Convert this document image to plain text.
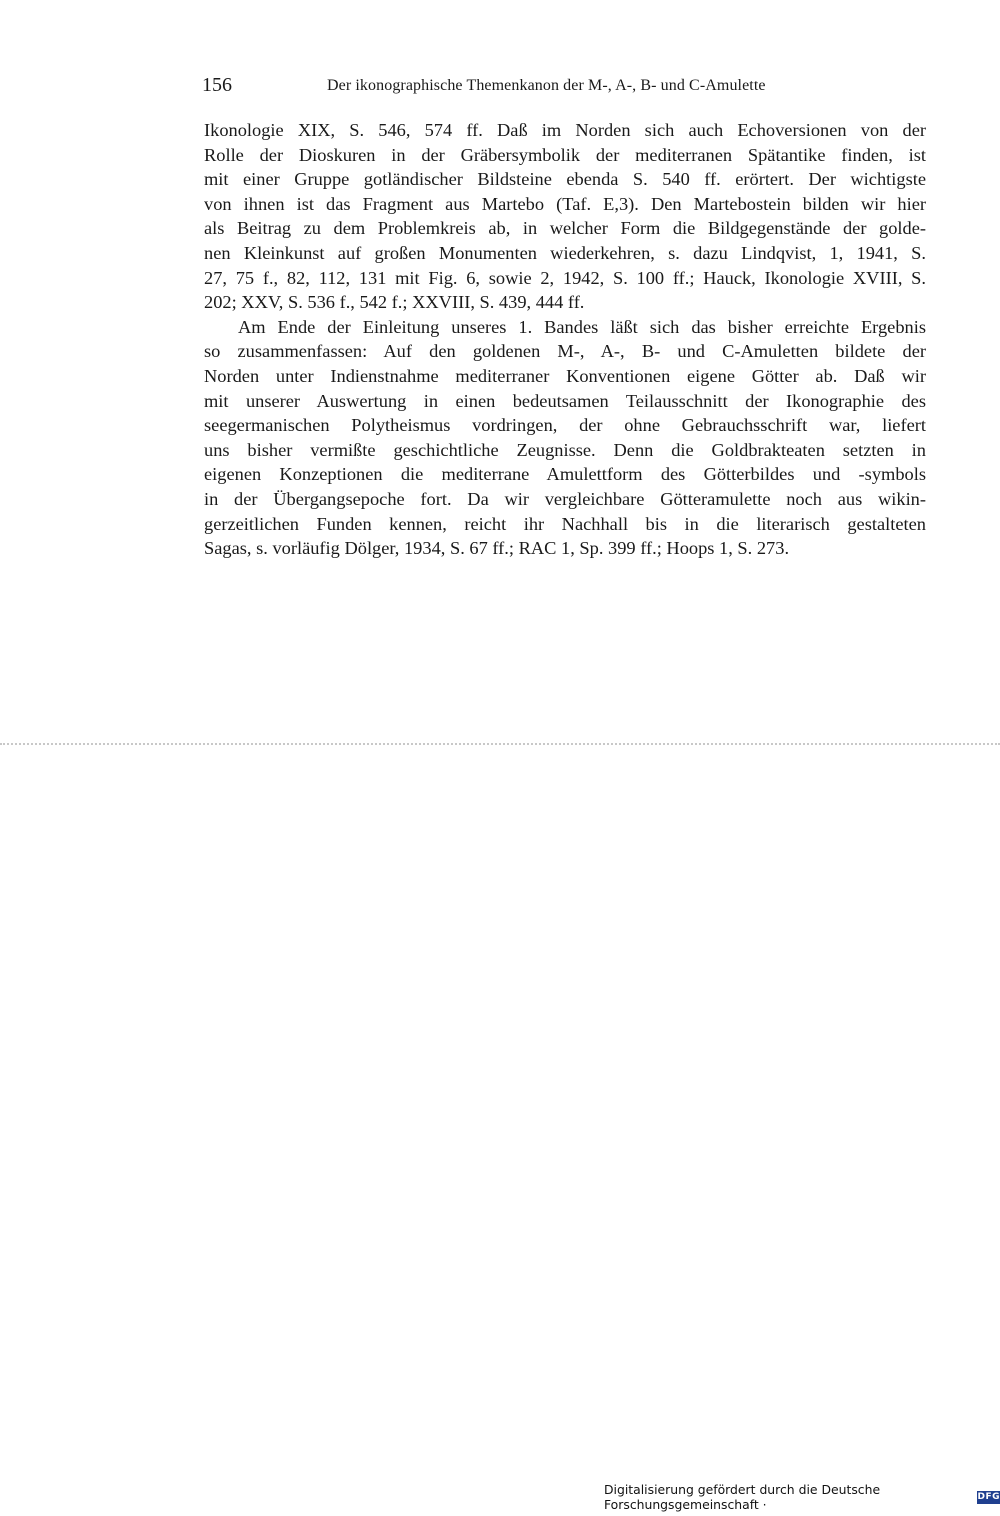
156	Der ikonographische Themenkanon der M-, A-, B- und C-Amulette
Ikonologie XIX, S. 546, 574 ff. Daß im Norden sich auch Echoversionen von der
Rolle der Dioskuren in der Gräbersymbolik der mediterranen Spätantike finden, ist
mit einer Gruppe gotländischer Bildsteine ebenda S. 540 ff. erörtert. Der wichtigste
von ihnen ist das Fragment aus Martebo (Taf. E,3). Den Martebostein bilden wir hier
als Beitrag zu dem Problemkreis ab, in welcher Form die Bildgegenstände der golde-
nen Kleinkunst auf großen Monumenten wiederkehren, s. dazu Lindqvist, 1, 1941, S.
27, 75 f., 82, 112, 131 mit Fig. 6, sowie 2, 1942, S. 100 ff.; Hauck, Ikonologie XVIII, S.
202; XXV, S. 536 f., 542 f.; XXVIII, S. 439, 444 ff.
Am Ende der Einleitung unseres 1. Bandes läßt sich das bisher erreichte Ergebnis
so zusammenfassen: Auf den goldenen M-, A-, B- und C-Amuletten bildete der
Norden unter Indienstnahme mediterraner Konventionen eigene Götter ab. Daß wir
mit unserer Auswertung in einen bedeutsamen Teilausschnitt der Ikonographie des
seegermanischen Polytheismus vordringen, der ohne Gebrauchsschrift war, liefert
uns bisher vermißte geschichtliche Zeugnisse. Denn die Goldbrakteaten setzten in
eigenen Konzeptionen die mediterrane Amulettform des Götterbildes und -symbols
in der Übergangsepoche fort. Da wir vergleichbare Götteramulette noch aus wikin-
gerzeitlichen Funden kennen, reicht ihr Nachhall bis in die literarisch gestalteten
Sagas, s. vorläufig Dölger, 1934, S. 67 ff.; RAC 1, Sp. 399 ff.; Hoops 1, S. 273.
Digitalisierung gefördert durch die Deutsche Forschungsgemeinschaft ·	DFG
